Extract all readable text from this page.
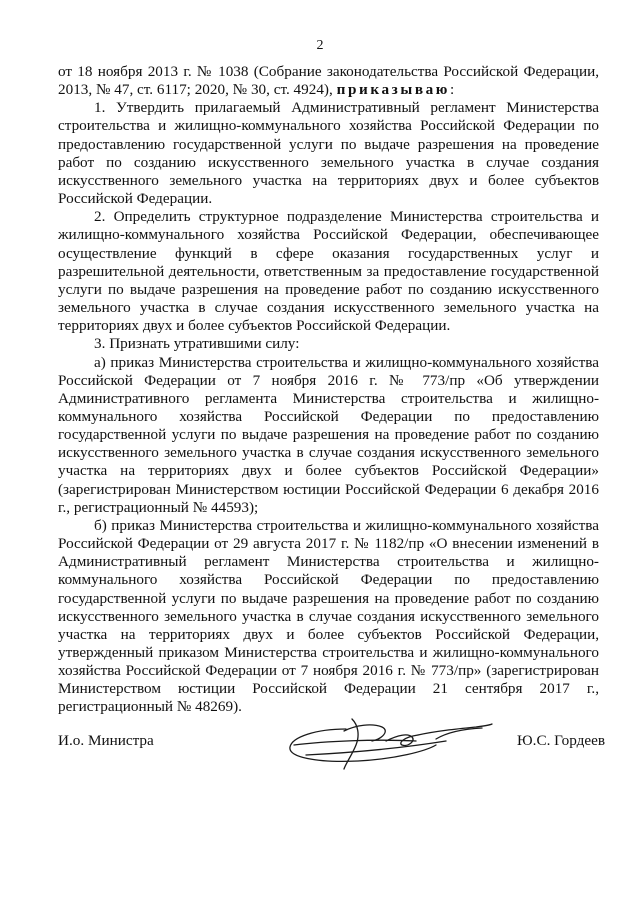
2

от 18 ноября 2013 г. № 1038 (Собрание законодательства Российской Федерации, 2013, № 47, ст. 6117; 2020, № 30, ст. 4924), приказываю:

1. Утвердить прилагаемый Административный регламент Министерства строительства и жилищно-коммунального хозяйства Российской Федерации по предоставлению государственной услуги по выдаче разрешения на проведение работ по созданию искусственного земельного участка в случае создания искусственного земельного участка на территориях двух и более субъектов Российской Федерации.

2. Определить структурное подразделение Министерства строительства и жилищно-коммунального хозяйства Российской Федерации, обеспечивающее осуществление функций в сфере оказания государственных услуг и разрешительной деятельности, ответственным за предоставление государственной услуги по выдаче разрешения на проведение работ по созданию искусственного земельного участка в случае создания искусственного земельного участка на территориях двух и более субъектов Российской Федерации.

3. Признать утратившими силу:

а) приказ Министерства строительства и жилищно-коммунального хозяйства Российской Федерации от 7 ноября 2016 г. № 773/пр «Об утверждении Административного регламента Министерства строительства и жилищно-коммунального хозяйства Российской Федерации по предоставлению государственной услуги по выдаче разрешения на проведение работ по созданию искусственного земельного участка в случае создания искусственного земельного участка на территориях двух и более субъектов Российской Федерации» (зарегистрирован Министерством юстиции Российской Федерации 6 декабря 2016 г., регистрационный № 44593);

б) приказ Министерства строительства и жилищно-коммунального хозяйства Российской Федерации от 29 августа 2017 г. № 1182/пр «О внесении изменений в Административный регламент Министерства строительства и жилищно-коммунального хозяйства Российской Федерации по предоставлению государственной услуги по выдаче разрешения на проведение работ по созданию искусственного земельного участка в случае создания искусственного земельного участка на территориях двух и более субъектов Российской Федерации, утвержденный приказом Министерства строительства и жилищно-коммунального хозяйства Российской Федерации от 7 ноября 2016 г. № 773/пр» (зарегистрирован Министерством юстиции Российской Федерации 21 сентября 2017 г., регистрационный № 48269).

И.о. Министра	Ю.С. Гордеев
